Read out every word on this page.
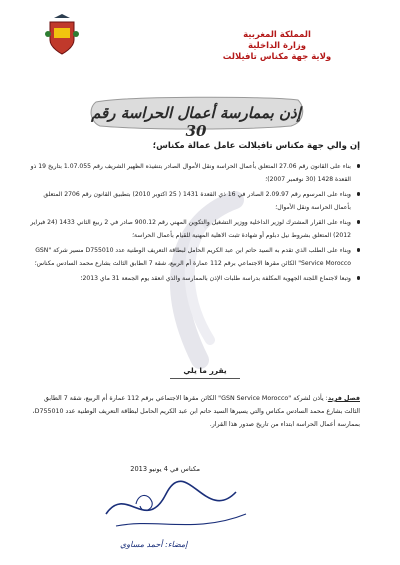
المملكة المغربية
وزارة الداخلية
ولاية جهة مكناس تافيلالت
إذن بممارسة أعمال الحراسة رقم 30
إن والي جهة مكناس تافيلالت عامل عمالة مكناس؛
بناء على القانون رقم 27.06 المتعلق بأعمال الحراسة ونقل الأموال الصادر بتنفيذه الظهير الشريف رقم 1.07.055 بتاريخ 19 ذو القعدة 1428 (30 نوفمبر 2007)؛
وبناء على المرسوم رقم 2.09.97 الصادر في 16 ذي القعدة 1431 ( 25 اكتوبر 2010) بتطبيق القانون رقم 2706 المتعلق بأعمال الحراسة ونقل الأموال؛
وبناء على القرار المشترك لوزير الداخلية ووزير التشغيل والتكوين المهني رقم 900.12 صادر في 2 ربيع الثاني 1433 (24 فبراير 2012) المتعلق بشروط نيل دبلوم أو شهادة تثبت الاهلية المهنية للقيام بأعمال الحراسة؛
وبناء على الطلب الذي تقدم به السيد حاتم ابن عبد الكريم الحامل لبطاقة التعريف الوطنية عدد D755010 مسير شركة "GSN Service Morocco" الكائن مقرها الاجتماعي برقم 112 عمارة أم الربيع، شقة 7 الطابق الثالث بشارع محمد السادس مكناس؛
وتبعا لاجتماع اللجنة الجهوية المكلفة بدراسة طلبات الإذن بالممارسة والذي انعقد يوم الجمعة 31 ماي 2013؛
يقرر ما يلي
فصل فريد: يأذن لشركة "GSN Service Morocco" الكائن مقرها الاجتماعي برقم 112 عمارة أم الربيع، شقة 7 الطابق الثالث بشارع محمد السادس مكناس والتي يسيرها السيد حاتم ابن عبد الكريم الحامل لبطاقة التعريف الوطنية عدد D755010، بممارسة أعمال الحراسة ابتداء من تاريخ صدور هذا القرار.
مكناس في 4 يونيو 2013
إمضاء: أحمد مساوي
